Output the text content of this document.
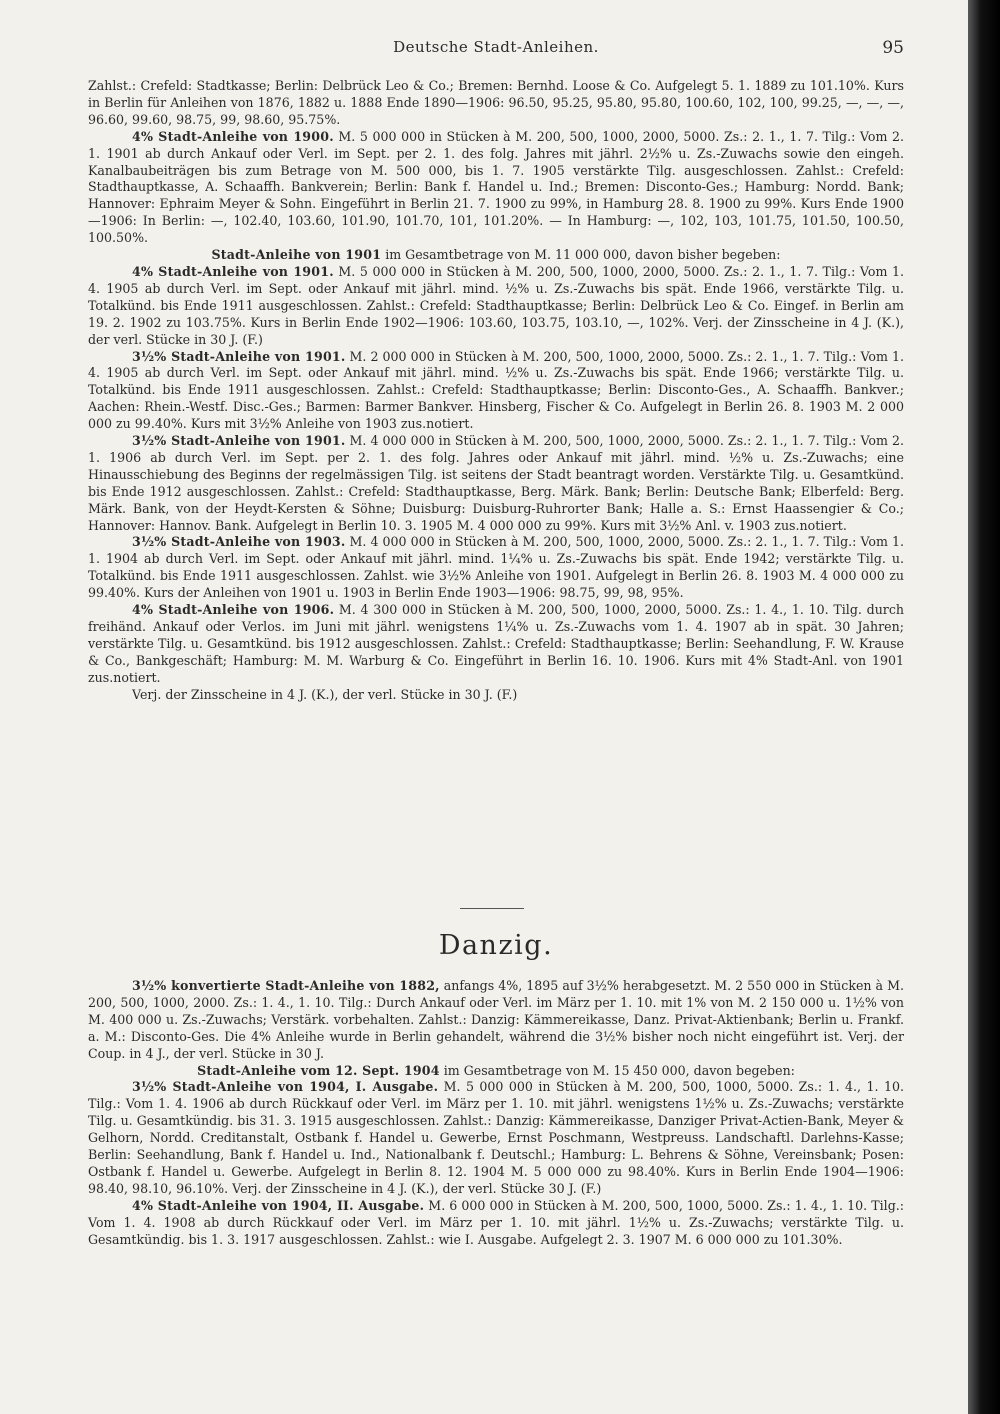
Deutsche Stadt-Anleihen.	95

Zahlst.: Crefeld: Stadtkasse; Berlin: Delbrück Leo & Co.; Bremen: Bernhd. Loose & Co. Aufgelegt 5. 1. 1889 zu 101.10%. Kurs in Berlin für Anleihen von 1876, 1882 u. 1888 Ende 1890—1906: 96.50, 95.25, 95.80, 95.80, 100.60, 102, 100, 99.25, —, —, —, 96.60, 99.60, 98.75, 99, 98.60, 95.75%.

4% Stadt-Anleihe von 1900. M. 5 000 000 in Stücken à M. 200, 500, 1000, 2000, 5000. Zs.: 2. 1., 1. 7. Tilg.: Vom 2. 1. 1901 ab durch Ankauf oder Verl. im Sept. per 2. 1. des folg. Jahres mit jährl. 2½% u. Zs.-Zuwachs sowie den eingeh. Kanalbaubeiträgen bis zum Betrage von M. 500 000, bis 1. 7. 1905 verstärkte Tilg. ausgeschlossen. Zahlst.: Crefeld: Stadthauptkasse, A. Schaaffh. Bankverein; Berlin: Bank f. Handel u. Ind.; Bremen: Disconto-Ges.; Hamburg: Nordd. Bank; Hannover: Ephraim Meyer & Sohn. Eingeführt in Berlin 21. 7. 1900 zu 99%, in Hamburg 28. 8. 1900 zu 99%. Kurs Ende 1900—1906: In Berlin: —, 102.40, 103.60, 101.90, 101.70, 101, 101.20%. — In Hamburg: —, 102, 103, 101.75, 101.50, 100.50, 100.50%.

Stadt-Anleihe von 1901 im Gesamtbetrage von M. 11 000 000, davon bisher begeben:

4% Stadt-Anleihe von 1901. M. 5 000 000 in Stücken à M. 200, 500, 1000, 2000, 5000. Zs.: 2. 1., 1. 7. Tilg.: Vom 1. 4. 1905 ab durch Verl. im Sept. oder Ankauf mit jährl. mind. ½% u. Zs.-Zuwachs bis spät. Ende 1966, verstärkte Tilg. u. Totalkünd. bis Ende 1911 ausgeschlossen. Zahlst.: Crefeld: Stadthauptkasse; Berlin: Delbrück Leo & Co. Eingef. in Berlin am 19. 2. 1902 zu 103.75%. Kurs in Berlin Ende 1902—1906: 103.60, 103.75, 103.10, —, 102%. Verj. der Zinsscheine in 4 J. (K.), der verl. Stücke in 30 J. (F.)

3½% Stadt-Anleihe von 1901. M. 2 000 000 in Stücken à M. 200, 500, 1000, 2000, 5000. Zs.: 2. 1., 1. 7. Tilg.: Vom 1. 4. 1905 ab durch Verl. im Sept. oder Ankauf mit jährl. mind. ½% u. Zs.-Zuwachs bis spät. Ende 1966; verstärkte Tilg. u. Totalkünd. bis Ende 1911 ausgeschlossen. Zahlst.: Crefeld: Stadthauptkasse; Berlin: Disconto-Ges., A. Schaaffh. Bankver.; Aachen: Rhein.-Westf. Disc.-Ges.; Barmen: Barmer Bankver. Hinsberg, Fischer & Co. Aufgelegt in Berlin 26. 8. 1903 M. 2 000 000 zu 99.40%. Kurs mit 3½% Anleihe von 1903 zus.notiert.

3½% Stadt-Anleihe von 1901. M. 4 000 000 in Stücken à M. 200, 500, 1000, 2000, 5000. Zs.: 2. 1., 1. 7. Tilg.: Vom 2. 1. 1906 ab durch Verl. im Sept. per 2. 1. des folg. Jahres oder Ankauf mit jährl. mind. ½% u. Zs.-Zuwachs; eine Hinausschiebung des Beginns der regelmässigen Tilg. ist seitens der Stadt beantragt worden. Verstärkte Tilg. u. Gesamtkünd. bis Ende 1912 ausgeschlossen. Zahlst.: Crefeld: Stadthauptkasse, Berg. Märk. Bank; Berlin: Deutsche Bank; Elberfeld: Berg. Märk. Bank, von der Heydt-Kersten & Söhne; Duisburg: Duisburg-Ruhrorter Bank; Halle a. S.: Ernst Haassengier & Co.; Hannover: Hannov. Bank. Aufgelegt in Berlin 10. 3. 1905 M. 4 000 000 zu 99%. Kurs mit 3½% Anl. v. 1903 zus.notiert.

3½% Stadt-Anleihe von 1903. M. 4 000 000 in Stücken à M. 200, 500, 1000, 2000, 5000. Zs.: 2. 1., 1. 7. Tilg.: Vom 1. 1. 1904 ab durch Verl. im Sept. oder Ankauf mit jährl. mind. 1¼% u. Zs.-Zuwachs bis spät. Ende 1942; verstärkte Tilg. u. Totalkünd. bis Ende 1911 ausgeschlossen. Zahlst. wie 3½% Anleihe von 1901. Aufgelegt in Berlin 26. 8. 1903 M. 4 000 000 zu 99.40%. Kurs der Anleihen von 1901 u. 1903 in Berlin Ende 1903—1906: 98.75, 99, 98, 95%.

4% Stadt-Anleihe von 1906. M. 4 300 000 in Stücken à M. 200, 500, 1000, 2000, 5000. Zs.: 1. 4., 1. 10. Tilg. durch freihänd. Ankauf oder Verlos. im Juni mit jährl. wenigstens 1¼% u. Zs.-Zuwachs vom 1. 4. 1907 ab in spät. 30 Jahren; verstärkte Tilg. u. Gesamtkünd. bis 1912 ausgeschlossen. Zahlst.: Crefeld: Stadthauptkasse; Berlin: Seehandlung, F. W. Krause & Co., Bankgeschäft; Hamburg: M. M. Warburg & Co. Eingeführt in Berlin 16. 10. 1906. Kurs mit 4% Stadt-Anl. von 1901 zus.notiert.

Verj. der Zinsscheine in 4 J. (K.), der verl. Stücke in 30 J. (F.)

Danzig.

3½% konvertierte Stadt-Anleihe von 1882, anfangs 4%, 1895 auf 3½% herabgesetzt. M. 2 550 000 in Stücken à M. 200, 500, 1000, 2000. Zs.: 1. 4., 1. 10. Tilg.: Durch Ankauf oder Verl. im März per 1. 10. mit 1% von M. 2 150 000 u. 1½% von M. 400 000 u. Zs.-Zuwachs; Verstärk. vorbehalten. Zahlst.: Danzig: Kämmereikasse, Danz. Privat-Aktienbank; Berlin u. Frankf. a. M.: Disconto-Ges. Die 4% Anleihe wurde in Berlin gehandelt, während die 3½% bisher noch nicht eingeführt ist. Verj. der Coup. in 4 J., der verl. Stücke in 30 J.

Stadt-Anleihe vom 12. Sept. 1904 im Gesamtbetrage von M. 15 450 000, davon begeben:

3½% Stadt-Anleihe von 1904, I. Ausgabe. M. 5 000 000 in Stücken à M. 200, 500, 1000, 5000. Zs.: 1. 4., 1. 10. Tilg.: Vom 1. 4. 1906 ab durch Rückkauf oder Verl. im März per 1. 10. mit jährl. wenigstens 1½% u. Zs.-Zuwachs; verstärkte Tilg. u. Gesamtkündig. bis 31. 3. 1915 ausgeschlossen. Zahlst.: Danzig: Kämmereikasse, Danziger Privat-Actien-Bank, Meyer & Gelhorn, Nordd. Creditanstalt, Ostbank f. Handel u. Gewerbe, Ernst Poschmann, Westpreuss. Landschaftl. Darlehns-Kasse; Berlin: Seehandlung, Bank f. Handel u. Ind., Nationalbank f. Deutschl.; Hamburg: L. Behrens & Söhne, Vereinsbank; Posen: Ostbank f. Handel u. Gewerbe. Aufgelegt in Berlin 8. 12. 1904 M. 5 000 000 zu 98.40%. Kurs in Berlin Ende 1904—1906: 98.40, 98.10, 96.10%. Verj. der Zinsscheine in 4 J. (K.), der verl. Stücke 30 J. (F.)

4% Stadt-Anleihe von 1904, II. Ausgabe. M. 6 000 000 in Stücken à M. 200, 500, 1000, 5000. Zs.: 1. 4., 1. 10. Tilg.: Vom 1. 4. 1908 ab durch Rückkauf oder Verl. im März per 1. 10. mit jährl. 1½% u. Zs.-Zuwachs; verstärkte Tilg. u. Gesamtkündig. bis 1. 3. 1917 ausgeschlossen. Zahlst.: wie I. Ausgabe. Aufgelegt 2. 3. 1907 M. 6 000 000 zu 101.30%.
